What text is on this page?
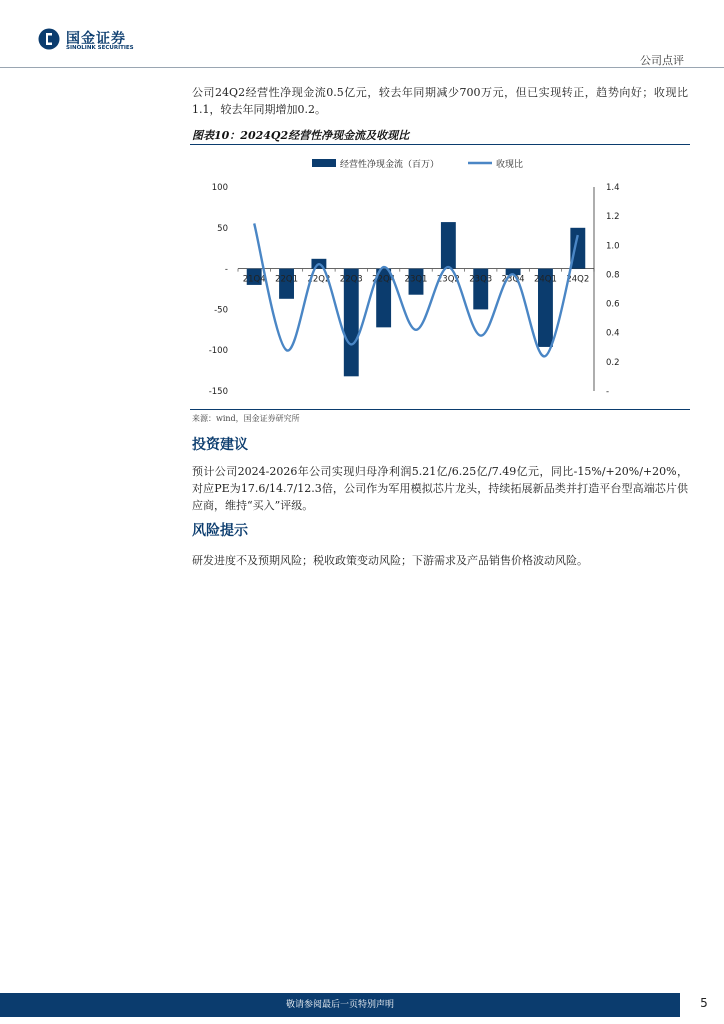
国金证券
SINOLINK SECURITIES
公司点评
公司24Q2经营性净现金流0.5亿元，较去年同期减少700万元，但已实现转正，趋势向好；收现比1.1，较去年同期增加0.2。
图表10：2024Q2经营性净现金流及收现比
100
50
-
-50
-100
-150
1.4
1.2
1.0
0.8
0.6
0.4
0.2
-
21Q4 22Q1 22Q2 22Q3 22Q4 23Q1 23Q2 23Q3 23Q4 24Q1 24Q2
经营性净现金流（百万）	收现比
来源：wind，国金证券研究所
投资建议
预计公司2024-2026年公司实现归母净利润5.21亿/6.25亿/7.49亿元，同比-15%/+20%/+20%，对应PE为17.6/14.7/12.3倍，公司作为军用模拟芯片龙头，持续拓展新品类并打造平台型高端芯片供应商，维持“买入”评级。
风险提示
研发进度不及预期风险；税收政策变动风险；下游需求及产品销售价格波动风险。
敬请参阅最后一页特别声明	5
